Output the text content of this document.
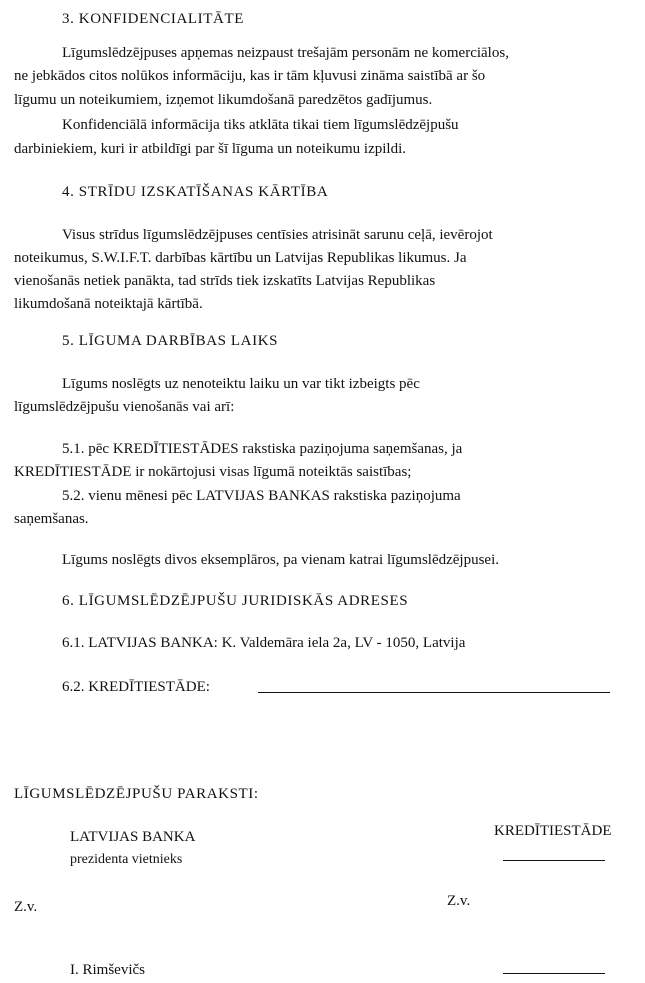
3. KONFIDENCIALITĀTE
Līgumslēdzējpuses apņemas neizpaust trešajām personām ne komerciālos,
ne jebkādos citos nolūkos informāciju, kas ir tām kļuvusi zināma saistībā ar šo
līgumu un noteikumiem, izņemot likumdošanā paredzētos gadījumus.
Konfidenciālā informācija tiks atklāta tikai tiem līgumslēdzējpušu
darbiniekiem, kuri ir atbildīgi par šī līguma un noteikumu izpildi.
4. STRĪDU IZSKATĪŠANAS KĀRTĪBA
Visus strīdus līgumslēdzējpuses centīsies atrisināt sarunu ceļā, ievērojot
noteikumus, S.W.I.F.T. darbības kārtību un Latvijas Republikas likumus. Ja
vienošanās netiek panākta, tad strīds tiek izskatīts Latvijas Republikas
likumdošanā noteiktajā kārtībā.
5. LĪGUMA DARBĪBAS LAIKS
Līgums noslēgts uz nenoteiktu laiku un var tikt izbeigts pēc
līgumslēdzējpušu vienošanās vai arī:
5.1. pēc KREDĪTIESTĀDES rakstiska paziņojuma saņemšanas, ja
KREDĪTIESTĀDE ir nokārtojusi visas līgumā noteiktās saistības;
5.2. vienu mēnesi pēc LATVIJAS BANKAS rakstiska paziņojuma
saņemšanas.
Līgums noslēgts divos eksemplāros, pa vienam katrai līgumslēdzējpusei.
6. LĪGUMSLĒDZĒJPUŠU JURIDISKĀS ADRESES
6.1. LATVIJAS BANKA: K. Valdemāra iela 2a, LV - 1050, Latvija
6.2. KREDĪTIESTĀDE:
LĪGUMSLĒDZĒJPUŠU PARAKSTI:
LATVIJAS BANKA
prezidenta vietnieks
KREDĪTIESTĀDE
Z.v.	Z.v.
I. Rimševičs
